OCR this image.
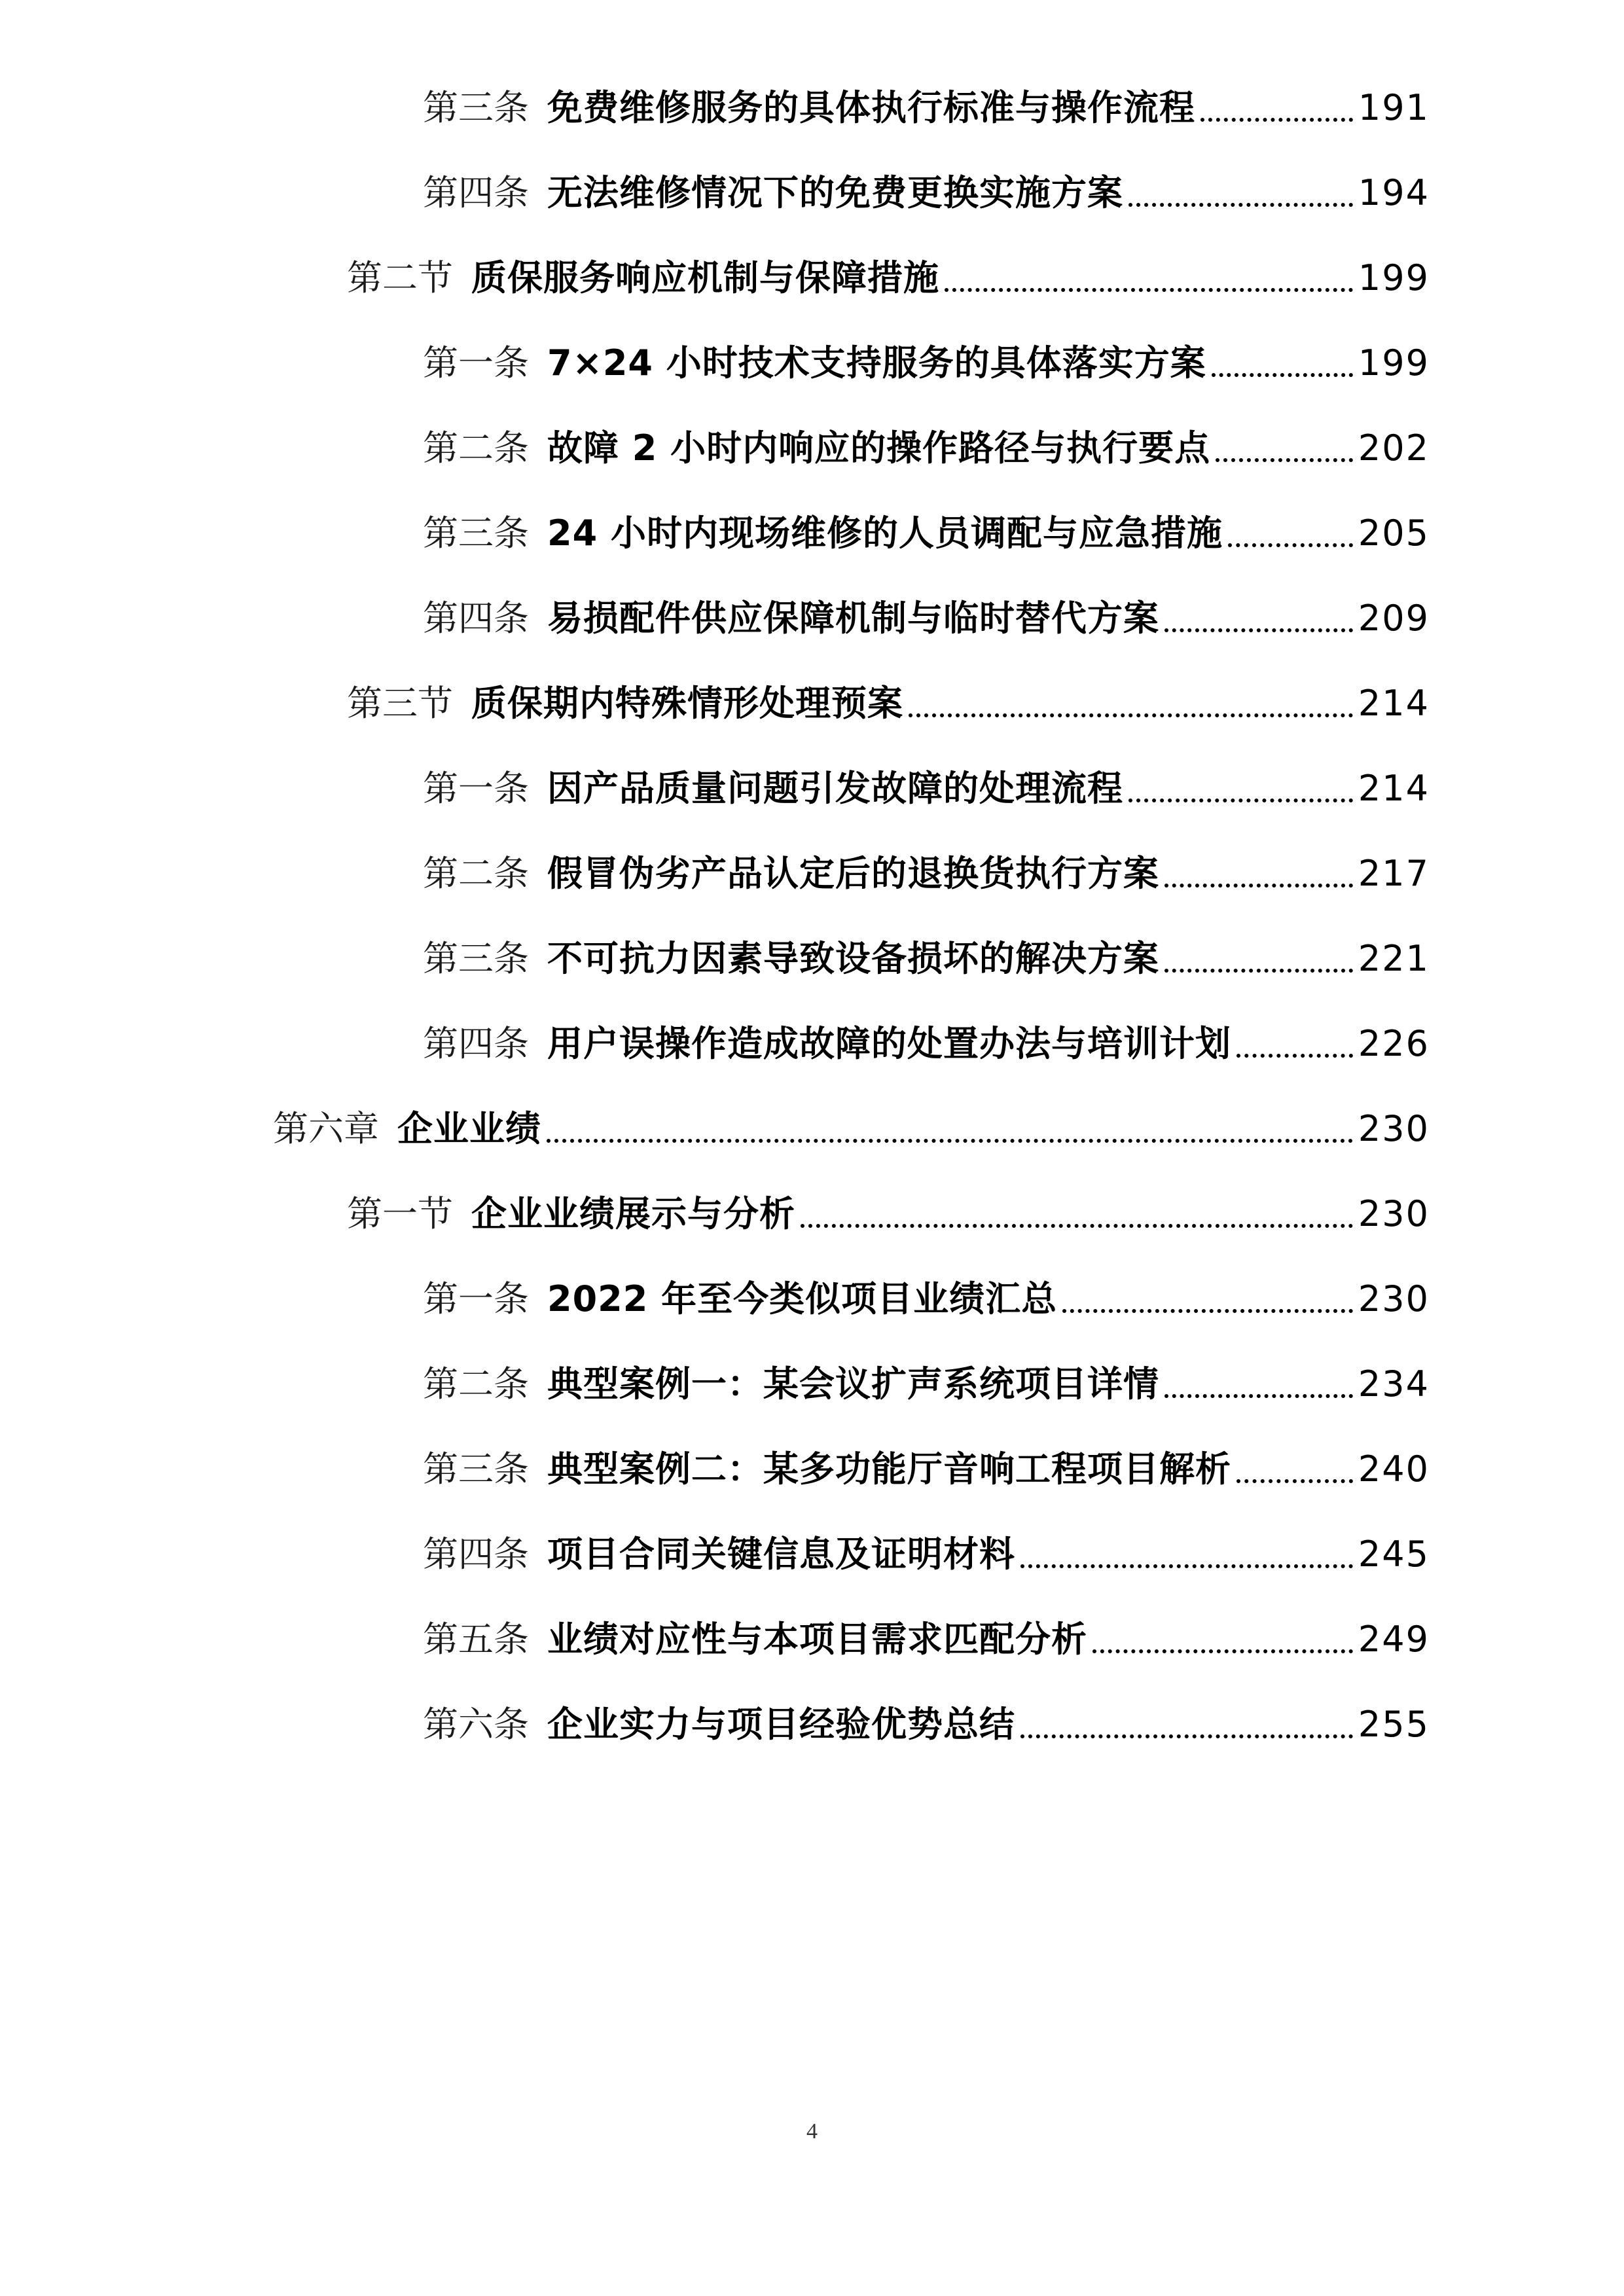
第三条 免费维修服务的具体执行标准与操作流程	191
第四条 无法维修情况下的免费更换实施方案	194
第二节 质保服务响应机制与保障措施	199
第一条 7×24 小时技术支持服务的具体落实方案	199
第二条 故障 2 小时内响应的操作路径与执行要点	202
第三条 24 小时内现场维修的人员调配与应急措施	205
第四条 易损配件供应保障机制与临时替代方案	209
第三节 质保期内特殊情形处理预案	214
第一条 因产品质量问题引发故障的处理流程	214
第二条 假冒伪劣产品认定后的退换货执行方案	217
第三条 不可抗力因素导致设备损坏的解决方案	221
第四条 用户误操作造成故障的处置办法与培训计划	226
第六章 企业业绩	230
第一节 企业业绩展示与分析	230
第一条 2022 年至今类似项目业绩汇总	230
第二条 典型案例一：某会议扩声系统项目详情	234
第三条 典型案例二：某多功能厅音响工程项目解析	240
第四条 项目合同关键信息及证明材料	245
第五条 业绩对应性与本项目需求匹配分析	249
第六条 企业实力与项目经验优势总结	255
4
